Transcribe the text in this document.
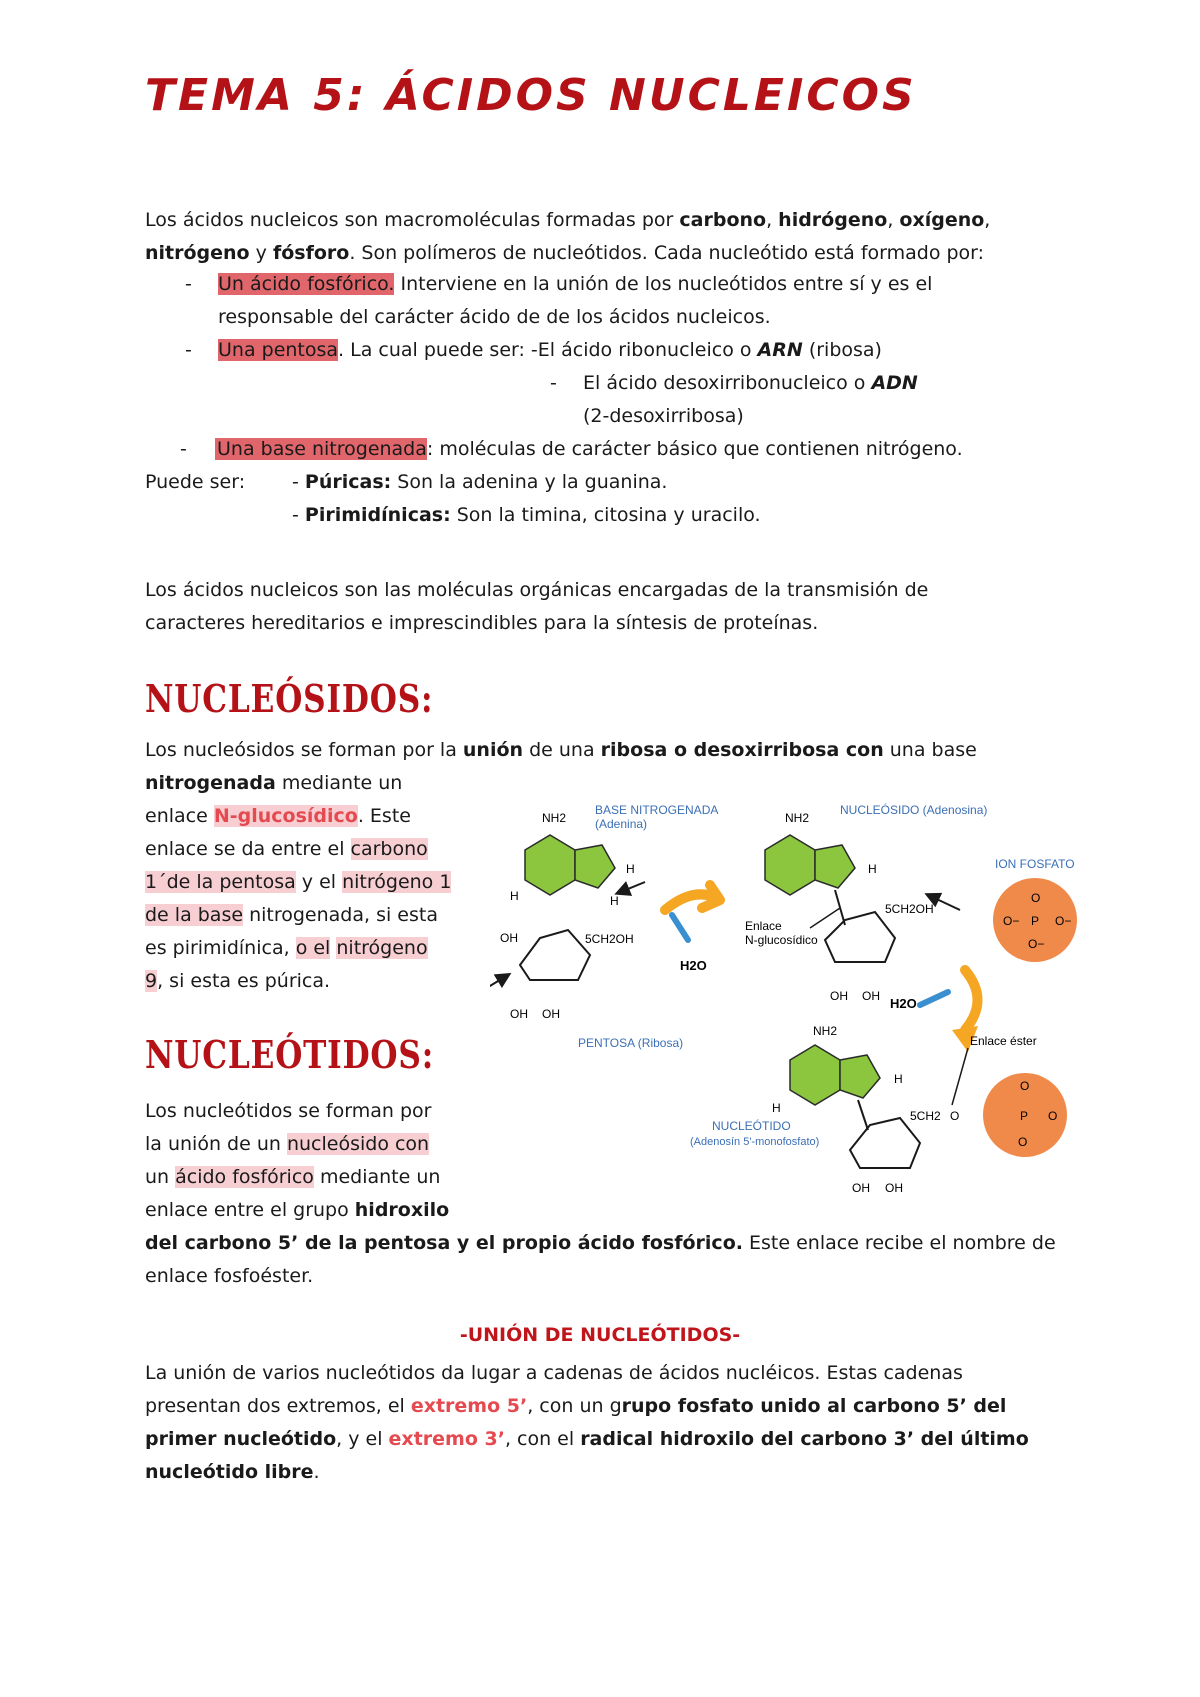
TEMA 5: ÁCIDOS NUCLEICOS

Los ácidos nucleicos son macromoléculas formadas por carbono, hidrógeno, oxígeno,

nitrógeno y fósforo. Son polímeros de nucleótidos. Cada nucleótido está formado por:

- Un ácido fosfórico. Interviene en la unión de los nucleótidos entre sí y es el

responsable del carácter ácido de de los ácidos nucleicos.

- Una pentosa. La cual puede ser: -El ácido ribonucleico o ARN (ribosa)

- El ácido desoxirribonucleico o ADN

(2-desoxirribosa)

- Una base nitrogenada: moléculas de carácter básico que contienen nitrógeno.

Puede ser: - Púricas: Son la adenina y la guanina.

- Pirimidínicas: Son la timina, citosina y uracilo.

Los ácidos nucleicos son las moléculas orgánicas encargadas de la transmisión de

caracteres hereditarios e imprescindibles para la síntesis de proteínas.

NUCLEÓSIDOS:

Los nucleósidos se forman por la unión de una ribosa o desoxirribosa con una base

nitrogenada mediante un

enlace N-glucosídico. Este

enlace se da entre el carbono

1´de la pentosa y el nitrógeno 1

de la base nitrogenada, si esta

es pirimidínica, o el nitrógeno

9, si esta es púrica.

NUCLEÓTIDOS:

Los nucleótidos se forman por

la unión de un nucleósido con

un ácido fosfórico mediante un

enlace entre el grupo hidroxilo

del carbono 5’ de la pentosa y el propio ácido fosfórico. Este enlace recibe el nombre de

enlace fosfoéster.

-UNIÓN DE NUCLEÓTIDOS-

La unión de varios nucleótidos da lugar a cadenas de ácidos nucléicos. Estas cadenas

presentan dos extremos, el extremo 5’, con un grupo fosfato unido al carbono 5’ del

primer nucleótido, y el extremo 3’, con el radical hidroxilo del carbono 3’ del último

nucleótido libre.

NH2
H
H
H
BASE NITROGENADA
(Adenina)
OH	5CH2OH
OH OH
PENTOSA (Ribosa)
H2O
NH2
H
5CH2OH
OH OH
NUCLEÓSIDO (Adenosina)
Enlace
N-glucosídico
ION FOSFATO
O
O− P O−
O−
H2O
NH2
H
H
5CH2
OH OH
O
O
P O
O
Enlace éster
NUCLEÓTIDO
(Adenosín 5'-monofosfato)
